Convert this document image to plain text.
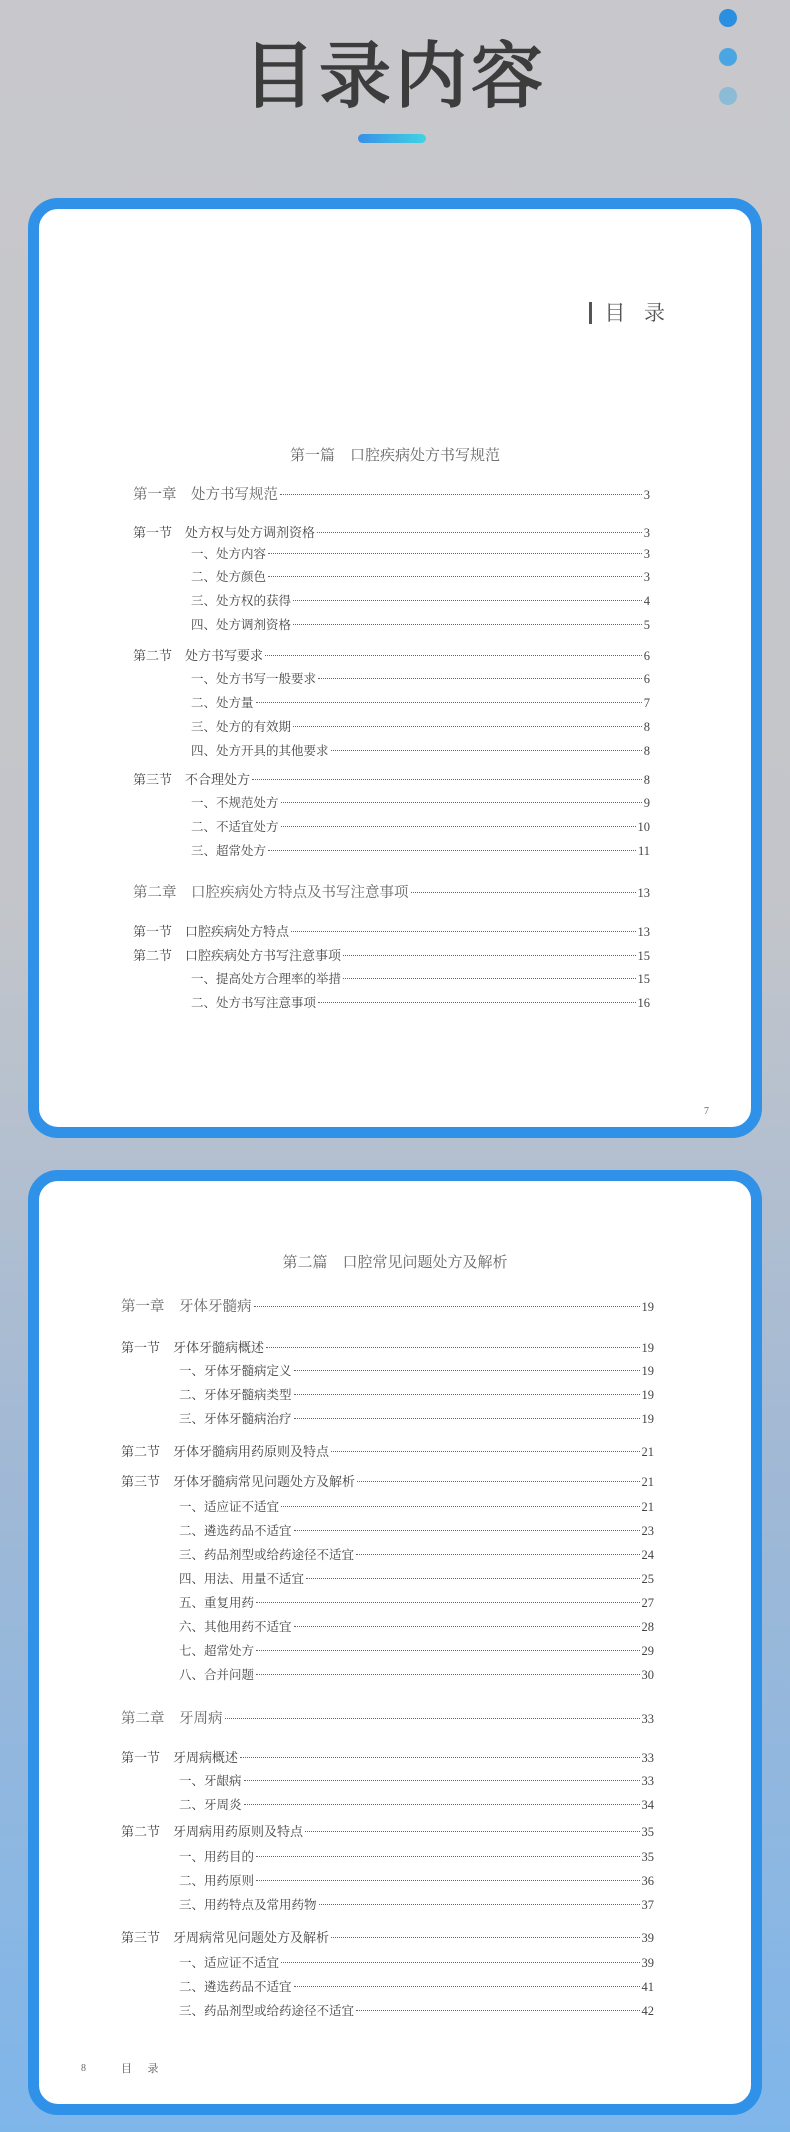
目录内容
目 录
第一篇　口腔疾病处方书写规范
第一章　处方书写规范	3
第一节　处方权与处方调剂资格	3
一、处方内容	3
二、处方颜色	3
三、处方权的获得	4
四、处方调剂资格	5
第二节　处方书写要求	6
一、处方书写一般要求	6
二、处方量	7
三、处方的有效期	8
四、处方开具的其他要求	8
第三节　不合理处方	8
一、不规范处方	9
二、不适宜处方	10
三、超常处方	11
第二章　口腔疾病处方特点及书写注意事项	13
第一节　口腔疾病处方特点	13
第二节　口腔疾病处方书写注意事项	15
一、提高处方合理率的举措	15
二、处方书写注意事项	16
7
第二篇　口腔常见问题处方及解析
第一章　牙体牙髓病	19
第一节　牙体牙髓病概述	19
一、牙体牙髓病定义	19
二、牙体牙髓病类型	19
三、牙体牙髓病治疗	19
第二节　牙体牙髓病用药原则及特点	21
第三节　牙体牙髓病常见问题处方及解析	21
一、适应证不适宜	21
二、遴选药品不适宜	23
三、药品剂型或给药途径不适宜	24
四、用法、用量不适宜	25
五、重复用药	27
六、其他用药不适宜	28
七、超常处方	29
八、合并问题	30
第二章　牙周病	33
第一节　牙周病概述	33
一、牙龈病	33
二、牙周炎	34
第二节　牙周病用药原则及特点	35
一、用药目的	35
二、用药原则	36
三、用药特点及常用药物	37
第三节　牙周病常见问题处方及解析	39
一、适应证不适宜	39
二、遴选药品不适宜	41
三、药品剂型或给药途径不适宜	42
8	目 录
